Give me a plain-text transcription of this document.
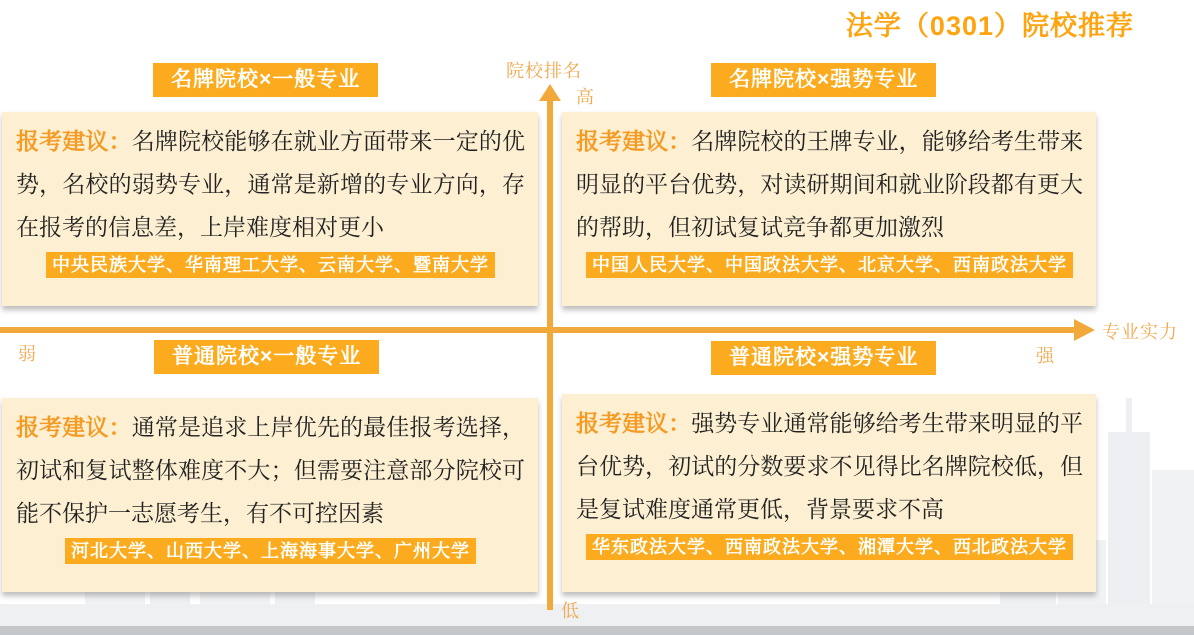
法学（0301）院校推荐
院校排名
高
低
专业实力
弱	强
名牌院校×一般专业	名牌院校×强势专业
普通院校×一般专业	普通院校×强势专业
报考建议：名牌院校能够在就业方面带来一定的优势，名校的弱势专业，通常是新增的专业方向，存在报考的信息差，上岸难度相对更小
中央民族大学、华南理工大学、云南大学、暨南大学
报考建议：名牌院校的王牌专业，能够给考生带来明显的平台优势，对读研期间和就业阶段都有更大的帮助，但初试复试竞争都更加激烈
中国人民大学、中国政法大学、北京大学、西南政法大学
报考建议：通常是追求上岸优先的最佳报考选择，初试和复试整体难度不大；但需要注意部分院校可能不保护一志愿考生，有不可控因素
河北大学、山西大学、上海海事大学、广州大学
报考建议：强势专业通常能够给考生带来明显的平台优势，初试的分数要求不见得比名牌院校低，但是复试难度通常更低，背景要求不高
华东政法大学、西南政法大学、湘潭大学、西北政法大学
